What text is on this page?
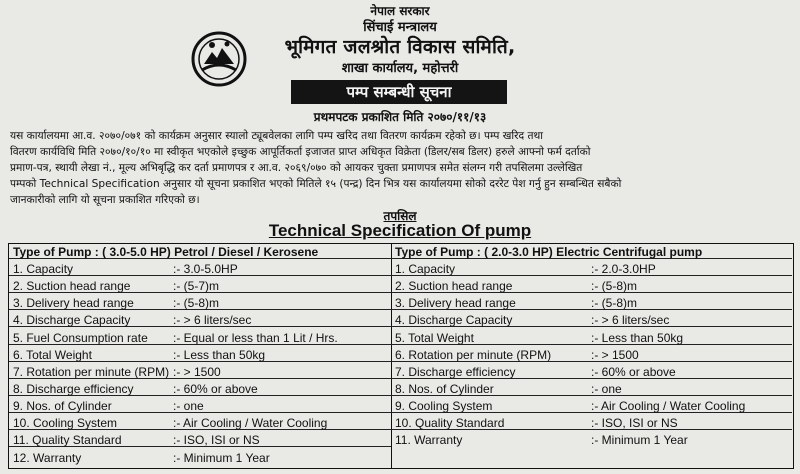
नेपाल सरकार
सिंचाई मन्त्रालय
भूमिगत जलश्रोत विकास समिति,
शाखा कार्यालय, महोत्तरी
पम्प सम्बन्धी सूचना
प्रथमपटक प्रकाशित मिति २०७०/११/१३
यस कार्यालयमा आ.व. २०७०/०७१ को कार्यक्रम अनुसार स्यालो ट्यूबवेलका लागि पम्प खरिद तथा वितरण कार्यक्रम रहेको छ। पम्प खरिद तथा
वितरण कार्यविधि मिति २०७०/१०/१० मा स्वीकृत भएकोले इच्छुक आपूर्तिकर्ता इजाजत प्राप्त अधिकृत विक्रेता (डिलर/सब डिलर) हरुले आफ्नो फर्म दर्ताको
प्रमाण-पत्र, स्थायी लेखा नं., मूल्य अभिबृद्धि कर दर्ता प्रमाणपत्र र आ.व. २०६९/०७० को आयकर चुक्ता प्रमाणपत्र समेत संलग्न गरी तपसिलमा उल्लेखित
पम्पको Technical Specification अनुसार यो सूचना प्रकाशित भएको मितिले १५ (पन्द्र) दिन भित्र यस कार्यालयमा सोको दररेट पेश गर्नु हुन सम्बन्धित सबैको
जानकारीको लागि यो सूचना प्रकाशित गरिएको छ।
तपसिल
Technical Specification Of pump
Type of Pump : ( 3.0-5.0 HP) Petrol / Diesel / Kerosene
1. Capacity	:- 3.0-5.0HP
2. Suction head range	:- (5-7)m
3. Delivery head range	:- (5-8)m
4. Discharge Capacity	:- > 6 liters/sec
5. Fuel Consumption rate :- Equal or less than 1 Lit / Hrs.
6. Total Weight	:- Less than 50kg
7. Rotation per minute (RPM) :- > 1500
8. Discharge efficiency	:- 60% or above
9. Nos. of Cylinder	:- one
10. Cooling System	:- Air Cooling / Water Cooling
11. Quality Standard	:- ISO, ISI or NS
12. Warranty	:- Minimum 1 Year
Type of Pump : ( 2.0-3.0 HP) Electric Centrifugal pump
1. Capacity	:- 2.0-3.0HP
2. Suction head range	:- (5-8)m
3. Delivery head range	:- (5-8)m
4. Discharge Capacity	:- > 6 liters/sec
5. Total Weight	:- Less than 50kg
6. Rotation per minute (RPM)	:- > 1500
7. Discharge efficiency	:- 60% or above
8. Nos. of Cylinder	:- one
9. Cooling System	:- Air Cooling / Water Cooling
10. Quality Standard	:- ISO, ISI or NS
11. Warranty	:- Minimum 1 Year
